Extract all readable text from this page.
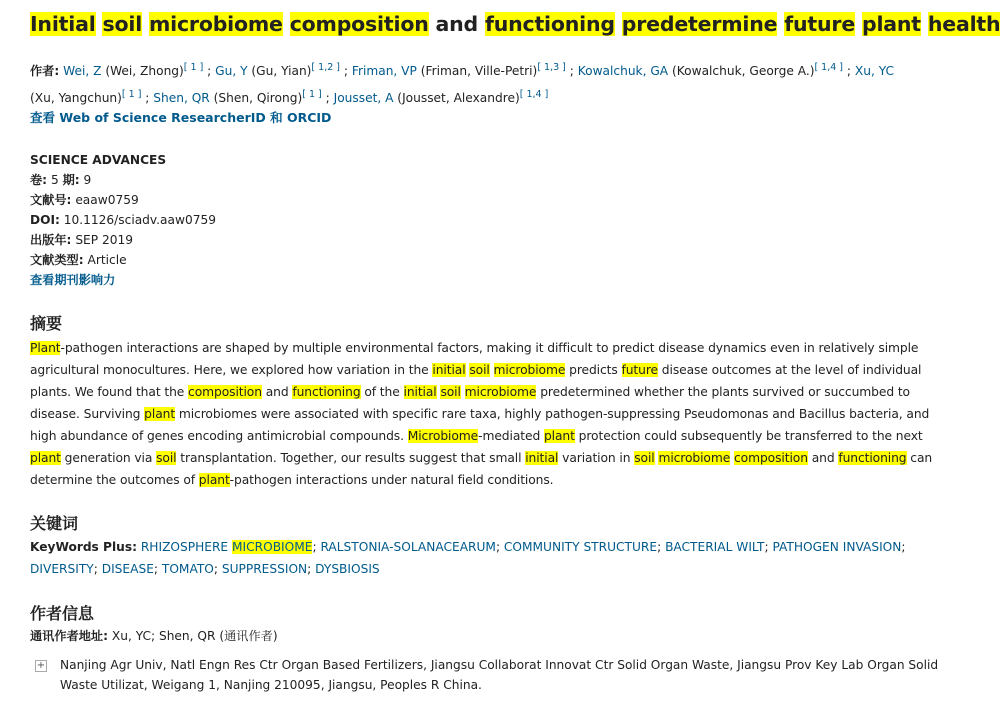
Initial soil microbiome composition and functioning predetermine future plant health
作者: Wei, Z (Wei, Zhong)[ 1 ] ; Gu, Y (Gu, Yian)[ 1,2 ] ; Friman, VP (Friman, Ville-Petri)[ 1,3 ] ; Kowalchuk, GA (Kowalchuk, George A.)[ 1,4 ] ; Xu, YC (Xu, Yangchun)[ 1 ] ; Shen, QR (Shen, Qirong)[ 1 ] ; Jousset, A (Jousset, Alexandre)[ 1,4 ]
查看 Web of Science ResearcherID 和 ORCID
SCIENCE ADVANCES
卷: 5 期: 9
文献号: eaaw0759
DOI: 10.1126/sciadv.aaw0759
出版年: SEP 2019
文献类型: Article
查看期刊影响力
摘要

Plant-pathogen interactions are shaped by multiple environmental factors, making it difficult to predict disease dynamics even in relatively simple agricultural monocultures. Here, we explored how variation in the initial soil microbiome predicts future disease outcomes at the level of individual plants. We found that the composition and functioning of the initial soil microbiome predetermined whether the plants survived or succumbed to disease. Surviving plant microbiomes were associated with specific rare taxa, highly pathogen-suppressing Pseudomonas and Bacillus bacteria, and high abundance of genes encoding antimicrobial compounds. Microbiome-mediated plant protection could subsequently be transferred to the next plant generation via soil transplantation. Together, our results suggest that small initial variation in soil microbiome composition and functioning can determine the outcomes of plant-pathogen interactions under natural field conditions.

关键词
KeyWords Plus: RHIZOSPHERE MICROBIOME; RALSTONIA-SOLANACEARUM; COMMUNITY STRUCTURE; BACTERIAL WILT; PATHOGEN INVASION; DIVERSITY; DISEASE; TOMATO; SUPPRESSION; DYSBIOSIS
作者信息
通讯作者地址: Xu, YC; Shen, QR (通讯作者)
+ Nanjing Agr Univ, Natl Engn Res Ctr Organ Based Fertilizers, Jiangsu Collaborat Innovat Ctr Solid Organ Waste, Jiangsu Prov Key Lab Organ Solid Waste Utilizat, Weigang 1, Nanjing 210095, Jiangsu, Peoples R China.
